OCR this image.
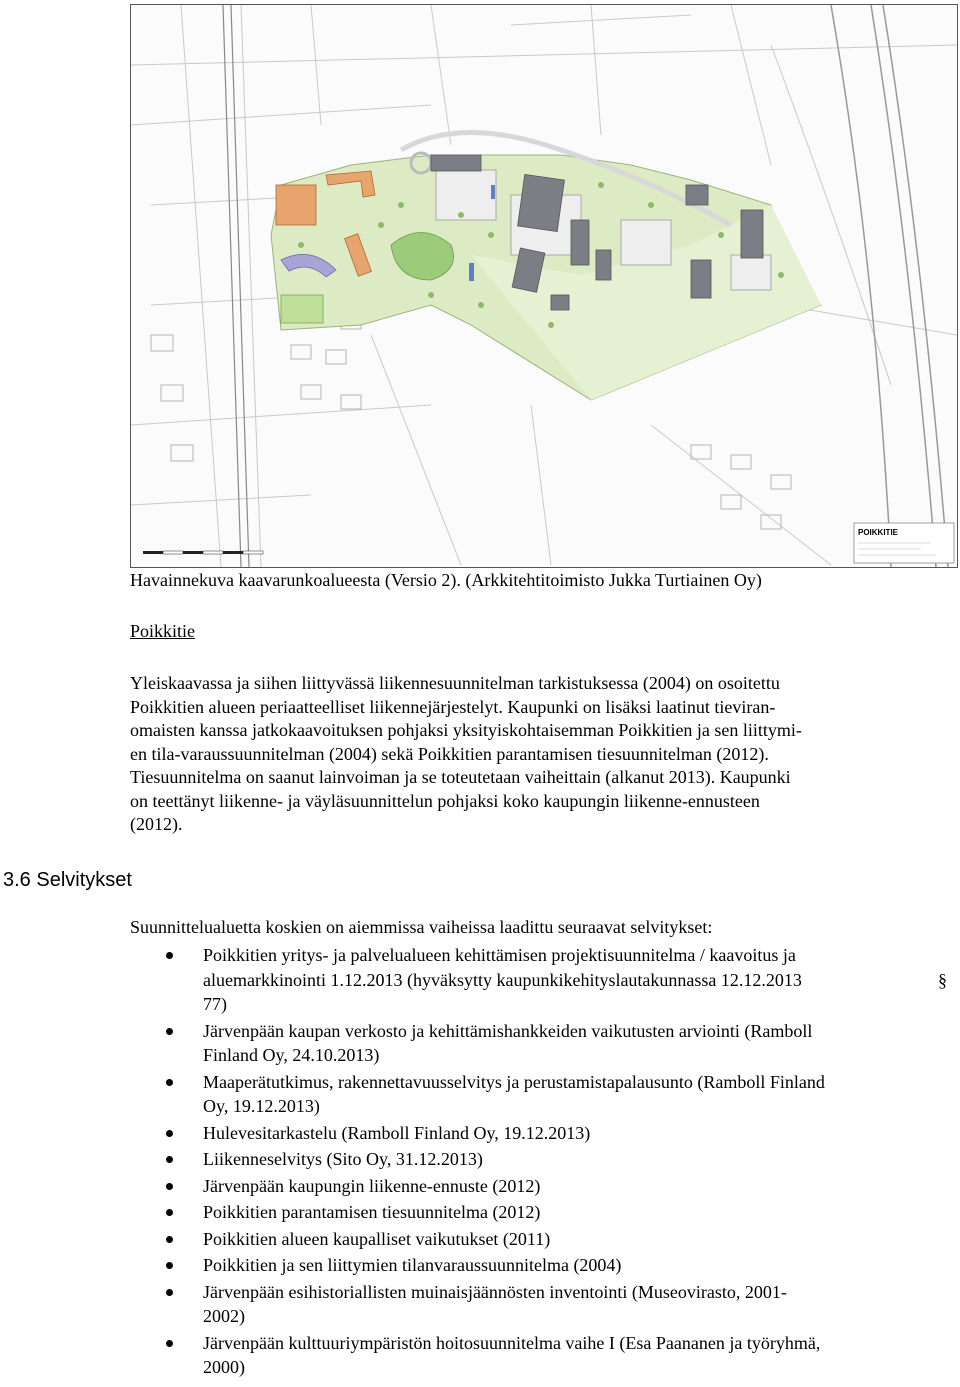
POIKKITIE
Havainnekuva kaavarunkoalueesta (Versio 2). (Arkkitehtitoimisto Jukka Turtiainen Oy)
Poikkitie
Yleiskaavassa ja siihen liittyvässä liikennesuunnitelman tarkistuksessa (2004) on osoitettu
Poikkitien alueen periaatteelliset liikennejärjestelyt. Kaupunki on lisäksi laatinut tieviran-
omaisten kanssa jatkokaavoituksen pohjaksi yksityiskohtaisemman Poikkitien ja sen liittymi-
en tila-varaussuunnitelman (2004) sekä Poikkitien parantamisen tiesuunnitelman (2012).
Tiesuunnitelma on saanut lainvoiman ja se toteutetaan vaiheittain (alkanut 2013). Kaupunki
on teettänyt liikenne- ja väyläsuunnittelun pohjaksi koko kaupungin liikenne-ennusteen
(2012).
3.6 Selvitykset
Suunnittelualuetta koskien on aiemmissa vaiheissa laadittu seuraavat selvitykset:
Poikkitien yritys- ja palvelualueen kehittämisen projektisuunnitelma / kaavoitus ja
aluemarkkinointi 1.12.2013 (hyväksytty kaupunkikehityslautakunnassa 12.12.2013	§
77)
Järvenpään kaupan verkosto ja kehittämishankkeiden vaikutusten arviointi (Ramboll
Finland Oy, 24.10.2013)
Maaperätutkimus, rakennettavuusselvitys ja perustamistapalausunto (Ramboll Finland
Oy, 19.12.2013)
Hulevesitarkastelu (Ramboll Finland Oy, 19.12.2013)
Liikenneselvitys (Sito Oy, 31.12.2013)
Järvenpään kaupungin liikenne-ennuste (2012)
Poikkitien parantamisen tiesuunnitelma (2012)
Poikkitien alueen kaupalliset vaikutukset (2011)
Poikkitien ja sen liittymien tilanvaraussuunnitelma (2004)
Järvenpään esihistoriallisten muinaisjäännösten inventointi (Museovirasto, 2001-
2002)
Järvenpään kulttuuriympäristön hoitosuunnitelma vaihe I (Esa Paananen ja työryhmä,
2000)
